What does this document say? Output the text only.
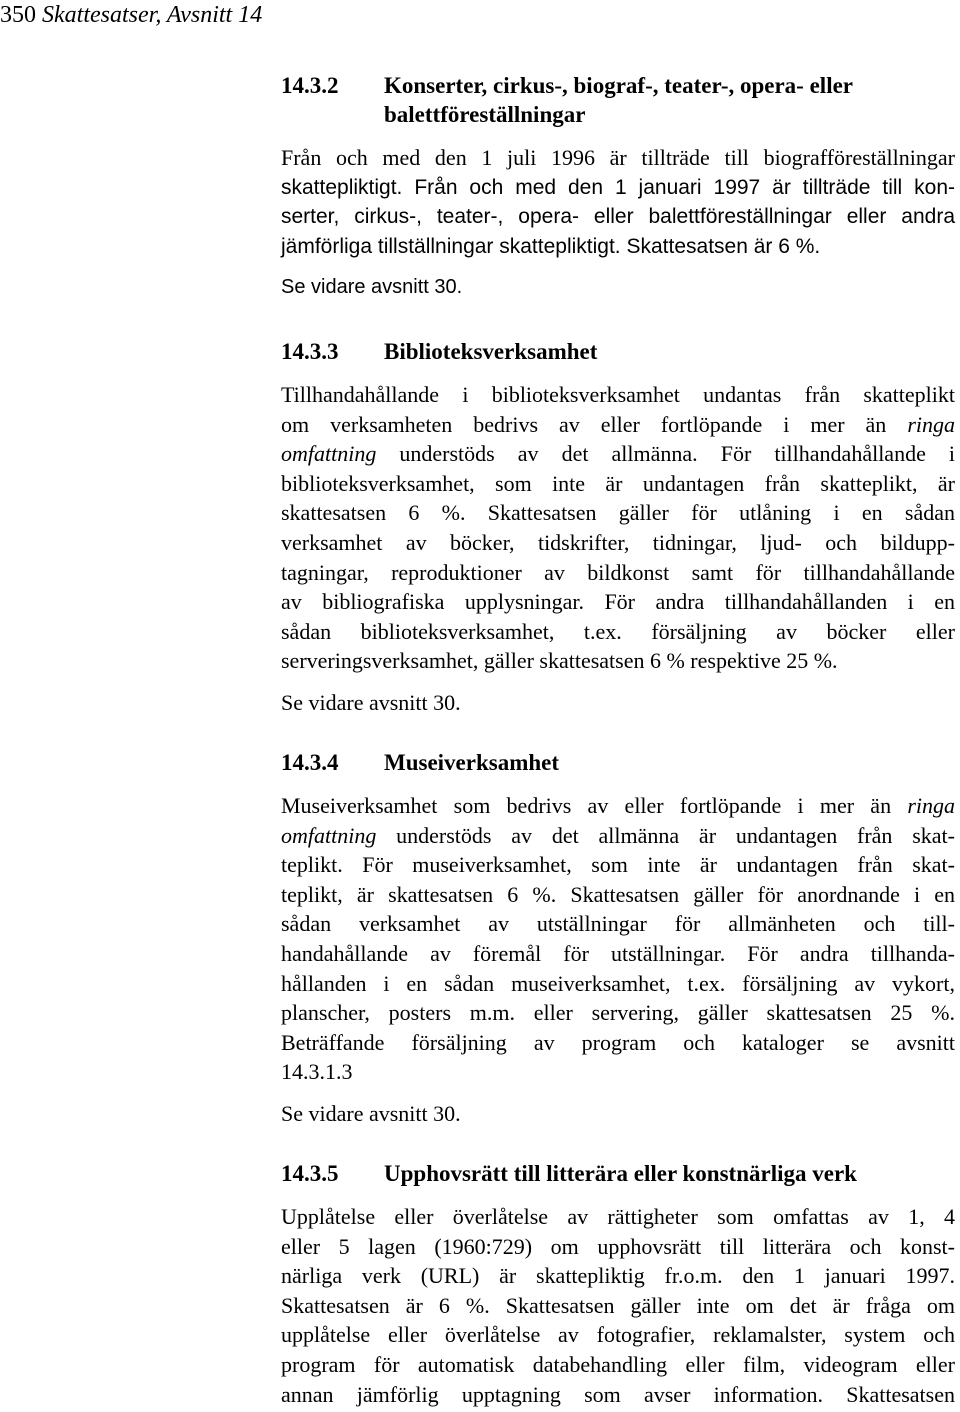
350 Skattesatser, Avsnitt 14
14.3.2 Konserter, cirkus-, biograf-, teater-, opera- eller
balettföreställningar
Från och med den 1 juli 1996 är tillträde till biografföreställningar
skattepliktigt. Från och med den 1 januari 1997 är tillträde till kon-
serter, cirkus-, teater-, opera- eller balettföreställningar eller andra
jämförliga tillställningar skattepliktigt. Skattesatsen är 6 %.

Se vidare avsnitt 30.

14.3.3 Biblioteksverksamhet
Tillhandahållande i biblioteksverksamhet undantas från skatteplikt
om verksamheten bedrivs av eller fortlöpande i mer än ringa
omfattning understöds av det allmänna. För tillhandahållande i
biblioteksverksamhet, som inte är undantagen från skatteplikt, är
skattesatsen 6 %. Skattesatsen gäller för utlåning i en sådan
verksamhet av böcker, tidskrifter, tidningar, ljud- och bildupp-
tagningar, reproduktioner av bildkonst samt för tillhandahållande
av bibliografiska upplysningar. För andra tillhandahållanden i en
sådan biblioteksverksamhet, t.ex. försäljning av böcker eller
serveringsverksamhet, gäller skattesatsen 6 % respektive 25 %.

Se vidare avsnitt 30.

14.3.4 Museiverksamhet
Museiverksamhet som bedrivs av eller fortlöpande i mer än ringa
omfattning understöds av det allmänna är undantagen från skat-
teplikt. För museiverksamhet, som inte är undantagen från skat-
teplikt, är skattesatsen 6 %. Skattesatsen gäller för anordnande i en
sådan verksamhet av utställningar för allmänheten och till-
handahållande av föremål för utställningar. För andra tillhanda-
hållanden i en sådan museiverksamhet, t.ex. försäljning av vykort,
planscher, posters m.m. eller servering, gäller skattesatsen 25 %.
Beträffande försäljning av program och kataloger se avsnitt
14.3.1.3

Se vidare avsnitt 30.

14.3.5 Upphovsrätt till litterära eller konstnärliga verk
Upplåtelse eller överlåtelse av rättigheter som omfattas av 1, 4
eller 5 lagen (1960:729) om upphovsrätt till litterära och konst-
närliga verk (URL) är skattepliktig fr.o.m. den 1 januari 1997.
Skattesatsen är 6 %. Skattesatsen gäller inte om det är fråga om
upplåtelse eller överlåtelse av fotografier, reklamalster, system och
program för automatisk databehandling eller film, videogram eller
annan jämförlig upptagning som avser information. Skattesatsen
